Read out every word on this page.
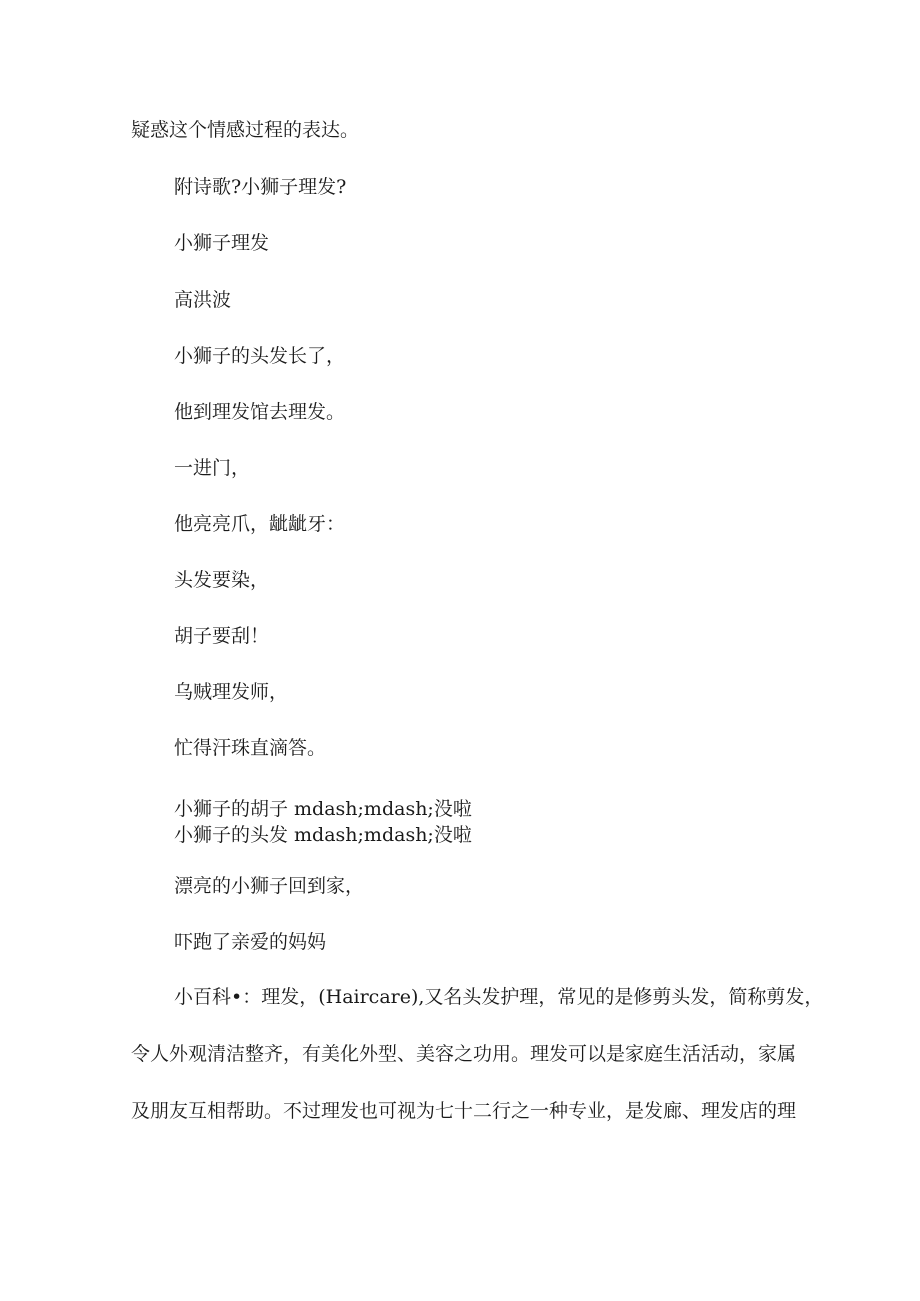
疑惑这个情感过程的表达。
附诗歌?小狮子理发?
小狮子理发
高洪波
小狮子的头发长了，
他到理发馆去理发。
一进门，
他亮亮爪，龇龇牙：
头发要染，
胡子要刮！
乌贼理发师，
忙得汗珠直滴答。
小狮子的胡子 mdash;mdash;没啦
小狮子的头发 mdash;mdash;没啦
漂亮的小狮子回到家，
吓跑了亲爱的妈妈

小百科•：理发，(Haircare),又名头发护理，常见的是修剪头发，简称剪发，

令人外观清洁整齐，有美化外型、美容之功用。理发可以是家庭生活活动，家属

及朋友互相帮助。不过理发也可视为七十二行之一种专业，是发廊、理发店的理
